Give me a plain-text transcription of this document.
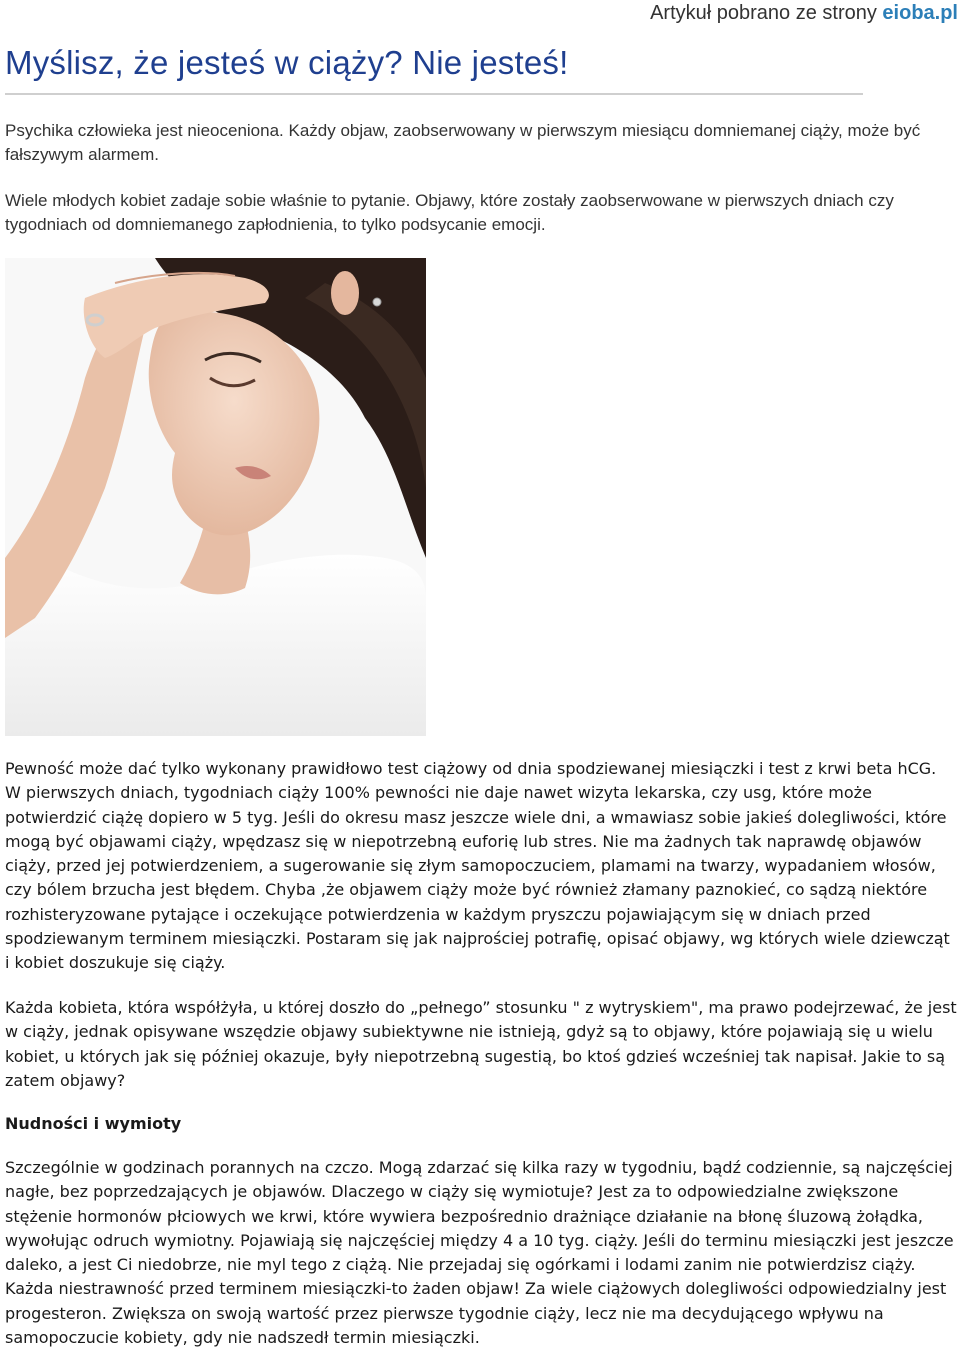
Artykuł pobrano ze strony eioba.pl
Myślisz, że jesteś w ciąży? Nie jesteś!

Psychika człowieka jest nieoceniona. Każdy objaw, zaobserwowany w pierwszym miesiącu domniemanej ciąży, może być fałszywym alarmem.

Wiele młodych kobiet zadaje sobie właśnie to pytanie. Objawy, które zostały zaobserwowane w pierwszych dniach czy tygodniach od domniemanego zapłodnienia, to tylko podsycanie emocji.

Pewność może dać tylko wykonany prawidłowo test ciążowy od dnia spodziewanej miesiączki i test z krwi beta hCG. W pierwszych dniach, tygodniach ciąży 100% pewności nie daje nawet wizyta lekarska, czy usg, które może potwierdzić ciążę dopiero w 5 tyg. Jeśli do okresu masz jeszcze wiele dni, a wmawiasz sobie jakieś dolegliwości, które mogą być objawami ciąży, wpędzasz się w niepotrzebną euforię lub stres. Nie ma żadnych tak naprawdę objawów ciąży, przed jej potwierdzeniem, a sugerowanie się złym samopoczuciem, plamami na twarzy, wypadaniem włosów, czy bólem brzucha jest błędem. Chyba ,że objawem ciąży może być również złamany paznokieć, co sądzą niektóre rozhisteryzowane pytające i oczekujące potwierdzenia w każdym pryszczu pojawiającym się w dniach przed spodziewanym terminem miesiączki. Postaram się jak najprościej potrafię, opisać objawy, wg których wiele dziewcząt i kobiet doszukuje się ciąży.

Każda kobieta, która współżyła, u której doszło do „pełnego” stosunku " z wytryskiem", ma prawo podejrzewać, że jest w ciąży, jednak opisywane wszędzie objawy subiektywne nie istnieją, gdyż są to objawy, które pojawiają się u wielu kobiet, u których jak się później okazuje, były niepotrzebną sugestią, bo ktoś gdzieś wcześniej tak napisał. Jakie to są zatem objawy?

Nudności i wymioty

Szczególnie w godzinach porannych na czczo. Mogą zdarzać się kilka razy w tygodniu, bądź codziennie, są najczęściej nagłe, bez poprzedzających je objawów. Dlaczego w ciąży się wymiotuje? Jest za to odpowiedzialne zwiększone stężenie hormonów płciowych we krwi, które wywiera bezpośrednio drażniące działanie na błonę śluzową żołądka, wywołując odruch wymiotny. Pojawiają się najczęściej między 4 a 10 tyg. ciąży. Jeśli do terminu miesiączki jest jeszcze daleko, a jest Ci niedobrze, nie myl tego z ciążą. Nie przejadaj się ogórkami i lodami zanim nie potwierdzisz ciąży. Każda niestrawność przed terminem miesiączki-to żaden objaw! Za wiele ciążowych dolegliwości odpowiedzialny jest progesteron. Zwiększa on swoją wartość przez pierwsze tygodnie ciąży, lecz nie ma decydującego wpływu na samopoczucie kobiety, gdy nie nadszedł termin miesiączki.
